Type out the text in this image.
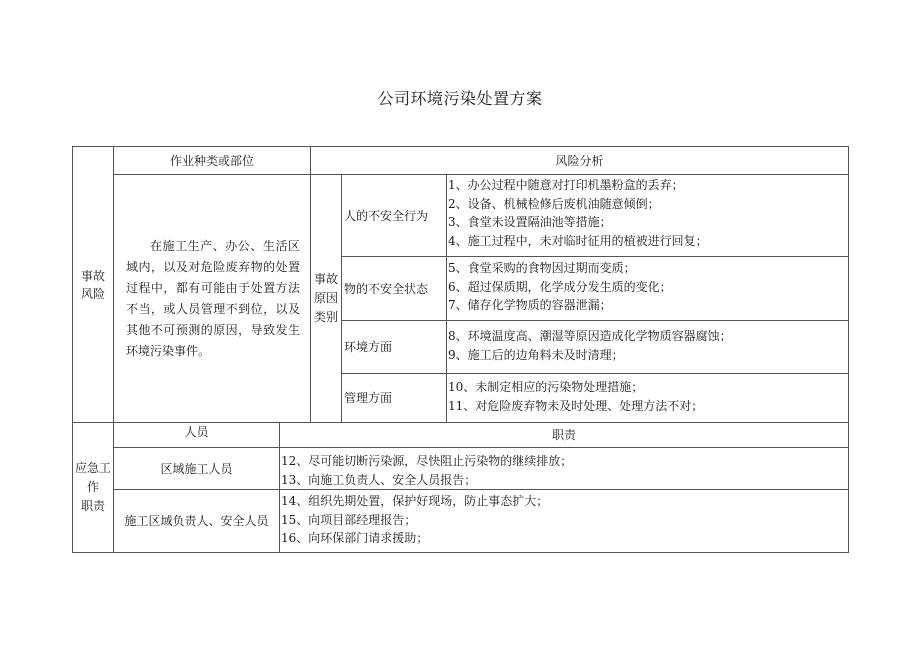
公司环境污染处置方案
事故
风险
作业种类或部位	风险分析
在施工生产、办公、生活区域内，以及对危险废弃物的处置过程中，都有可能由于处置方法不当，或人员管理不到位，以及其他不可预测的原因，导致发生环境污染事件。
事故
原因
类别
人的不安全行为
物的不安全状态
环境方面
管理方面
1、办公过程中随意对打印机墨粉盒的丢弃；
2、设备、机械检修后废机油随意倾倒；
3、食堂未设置隔油池等措施；
4、施工过程中，未对临时征用的植被进行回复；
5、食堂采购的食物因过期而变质；
6、超过保质期，化学成分发生质的变化；
7、储存化学物质的容器泄漏；
8、环境温度高、潮湿等原因造成化学物质容器腐蚀；
9、施工后的边角料未及时清理；
10、未制定相应的污染物处理措施；
11、对危险废弃物未及时处理、处理方法不对；
应急工
作
职责
人员	职责
区域施工人员
施工区域负责人、安全人员
12、尽可能切断污染源，尽快阻止污染物的继续排放；
13、向施工负责人、安全人员报告；
14、组织先期处置，保护好现场，防止事态扩大；
15、向项目部经理报告；
16、向环保部门请求援助；
